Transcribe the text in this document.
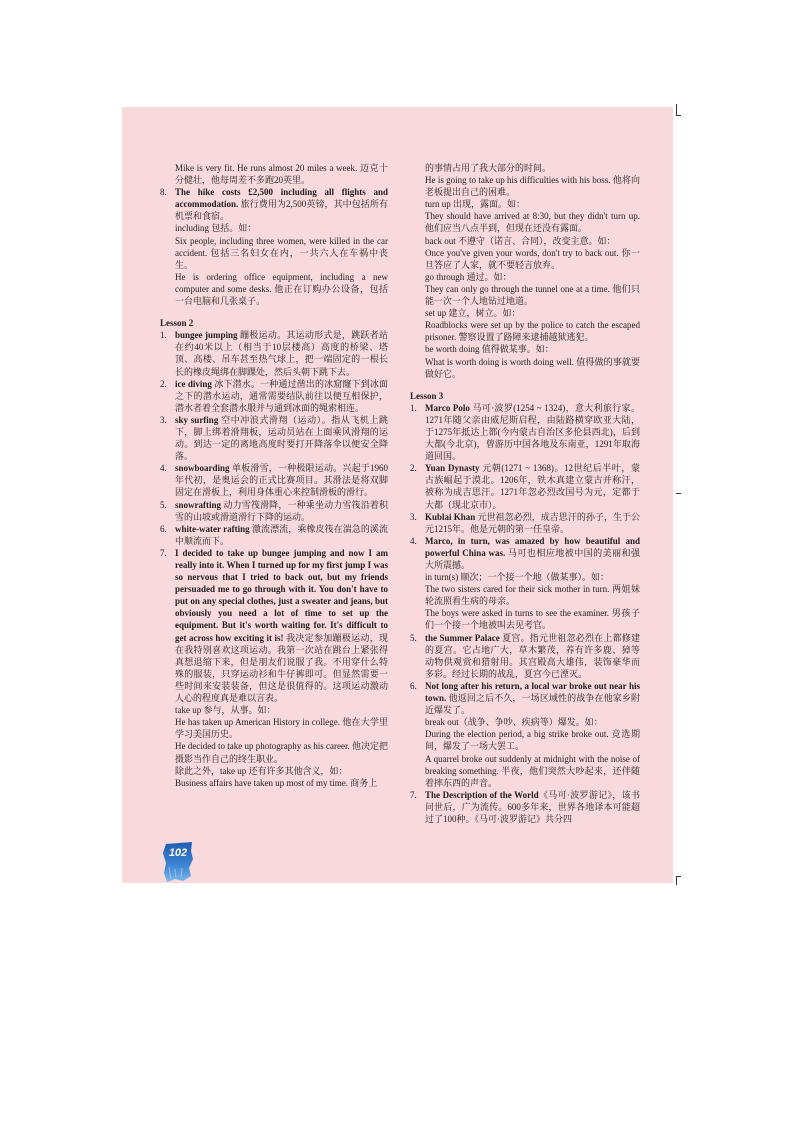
Mike is very fit. He runs almost 20 miles a week. 迈克十分健壮，他每周差不多跑20英里。

8. The hike costs £2,500 including all flights and accommodation. 旅行费用为2,500英镑，其中包括所有机票和食宿。

including 包括。如：

Six people, including three women, were killed in the car accident. 包括三名妇女在内，一共六人在车祸中丧生。

He is ordering office equipment, including a new computer and some desks. 他正在订购办公设备，包括一台电脑和几张桌子。

Lesson 2

1. bungee jumping 蹦极运动。其运动形式是，跳跃者站在约40米以上（相当于10层楼高）高度的桥梁、塔顶、高楼、吊车甚至热气球上，把一端固定的一根长长的橡皮绳绑在脚踝处，然后头朝下跳下去。

2. ice diving 冰下潜水。一种通过凿出的冰窟窿下到冰面之下的潜水运动，通常需要结队前往以便互相保护，潜水者着全套潜水服并与通到冰面的绳索相连。

3. sky surfing 空中冲浪式滑翔（运动）。指从飞机上跳下，脚上绑着滑翔板，运动员站在上面乘风滑翔的运动。到达一定的离地高度时要打开降落伞以便安全降落。

4. snowboarding 单板滑雪，一种极限运动。兴起于1960年代初，是奥运会的正式比赛项目。其滑法是将双脚固定在滑板上，利用身体重心来控制滑板的滑行。

5. snowrafting 动力雪筏滑降，一种乘坐动力雪筏沿着积雪的山坡或滑道滑行下降的运动。

6. white-water rafting 激流漂流，乘橡皮筏在湍急的溪流中顺流而下。

7. I decided to take up bungee jumping and now I am really into it. When I turned up for my first jump I was so nervous that I tried to back out, but my friends persuaded me to go through with it. You don't have to put on any special clothes, just a sweater and jeans, but obviously you need a lot of time to set up the equipment. But it's worth waiting for. It's difficult to get across how exciting it is! 我决定参加蹦极运动，现在我特别喜欢这项运动。我第一次站在跳台上紧张得真想退缩下来，但是朋友们说服了我。不用穿什么特殊的服装，只穿运动衫和牛仔裤即可。但显然需要一些时间来安装装备，但这是很值得的。这项运动激动人心的程度真是难以言表。

take up 参与，从事。如：

He has taken up American History in college. 他在大学里学习美国历史。

He decided to take up photography as his career. 他决定把摄影当作自己的终生职业。

除此之外，take up 还有许多其他含义，如：

Business affairs have taken up most of my time. 商务上

的事情占用了我大部分的时间。

He is going to take up his difficulties with his boss. 他将向老板提出自己的困难。

turn up 出现，露面。如：

They should have arrived at 8:30, but they didn't turn up. 他们应当八点半到，但现在还没有露面。

back out 不遵守（诺言、合同），改变主意。如：

Once you've given your words, don't try to back out. 你一旦答应了人家，就不要轻言放弃。

go through 通过。如：

They can only go through the tunnel one at a time. 他们只能一次一个人地钻过地道。

set up 建立，树立。如：

Roadblocks were set up by the police to catch the escaped prisoner. 警察设置了路障来逮捕越狱逃犯。

be worth doing 值得做某事。如：

What is worth doing is worth doing well. 值得做的事就要做好它。

Lesson 3

1. Marco Polo 马可·波罗(1254 ~ 1324)，意大利旅行家。1271年随父亲由威尼斯启程，由陆路横穿欧亚大陆，于1275年抵达上都(今内蒙古自治区多伦县西北)，后到大都(今北京)，曾游历中国各地及东南亚，1291年取海道回国。

2. Yuan Dynasty 元朝(1271 ~ 1368)。12世纪后半叶，蒙古族崛起于漠北。1206年，铁木真建立蒙古并称汗，被称为成吉思汗。1271年忽必烈改国号为元，定都于大都（现北京市）。

3. Kublai Khan 元世祖忽必烈，成吉思汗的孙子，生于公元1215年。他是元朝的第一任皇帝。

4. Marco, in turn, was amazed by how beautiful and powerful China was. 马可也相应地被中国的美丽和强大所震撼。

in turn(s) 顺次；一个接一个地（做某事）。如：

The two sisters cared for their sick mother in turn. 两姐妹轮流照看生病的母亲。

The boys were asked in turns to see the examiner. 男孩子们一个接一个地被叫去见考官。

5. the Summer Palace 夏宫。指元世祖忽必烈在上都修建的夏宫。它占地广大，草木繁茂，养有许多鹿、獐等动物供观赏和猎射用。其宫殿高大雄伟，装饰豪华而多彩。经过长期的战乱，夏宫今已湮灭。

6. Not long after his return, a local war broke out near his town. 他返回之后不久，一场区域性的战争在他家乡附近爆发了。

break out（战争、争吵、疾病等）爆发。如：

During the election period, a big strike broke out. 竞选期间，爆发了一场大罢工。

A quarrel broke out suddenly at midnight with the noise of breaking something. 半夜，他们突然大吵起来，还伴随着摔东西的声音。

7. The Description of the World《马可·波罗游记》，该书问世后，广为流传。600多年来，世界各地译本可能超过了100种。《马可·波罗游记》共分四

102
